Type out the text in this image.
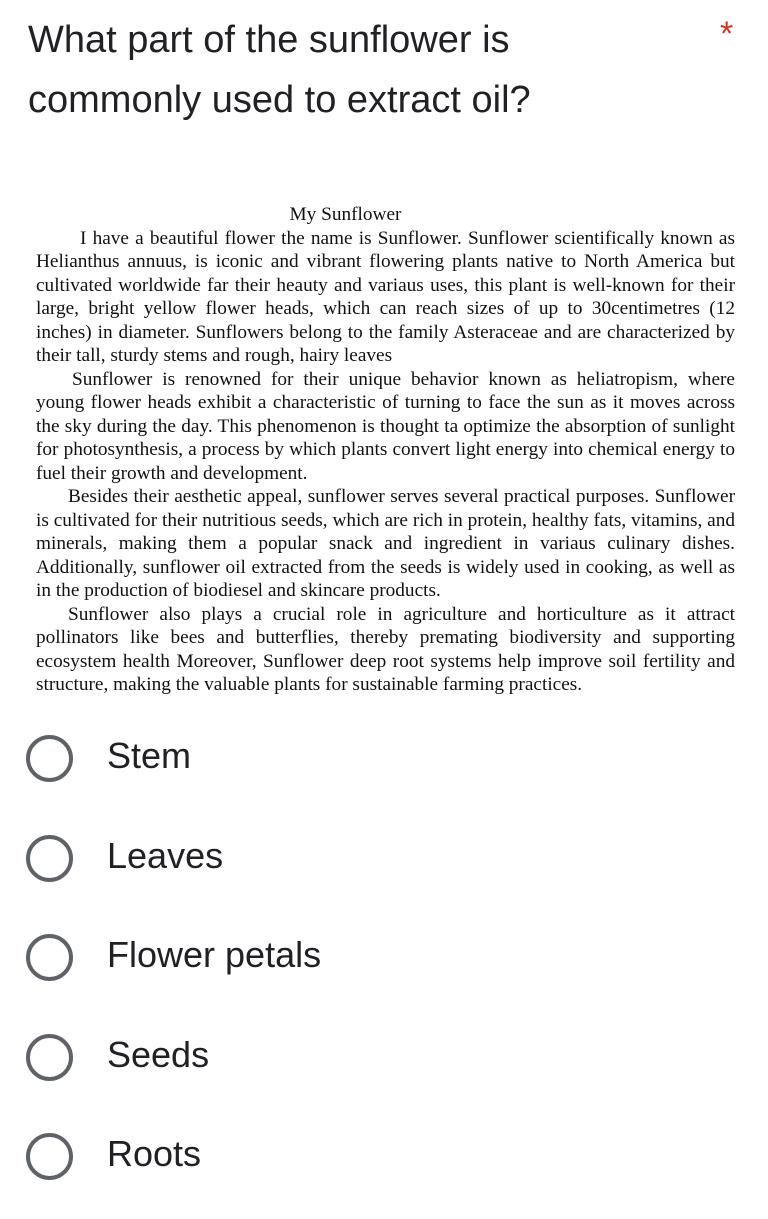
What part of the sunflower is commonly used to extract oil?
*
My Sunflower

I have a beautiful flower the name is Sunflower. Sunflower scientifically known as Helianthus annuus, is iconic and vibrant flowering plants native to North America but cultivated worldwide far their heauty and variaus uses, this plant is well-known for their large, bright yellow flower heads, which can reach sizes of up to 30centimetres (12 inches) in diameter. Sunflowers belong to the family Asteraceae and are characterized by their tall, sturdy stems and rough, hairy leaves

Sunflower is renowned for their unique behavior known as heliatropism, where young flower heads exhibit a characteristic of turning to face the sun as it moves across the sky during the day. This phenomenon is thought ta optimize the absorption of sunlight for photosynthesis, a process by which plants convert light energy into chemical energy to fuel their growth and development.

Besides their aesthetic appeal, sunflower serves several practical purposes. Sunflower is cultivated for their nutritious seeds, which are rich in protein, healthy fats, vitamins, and minerals, making them a popular snack and ingredient in variaus culinary dishes. Additionally, sunflower oil extracted from the seeds is widely used in cooking, as well as in the production of biodiesel and skincare products.

Sunflower also plays a crucial role in agriculture and horticulture as it attract pollinators like bees and butterflies, thereby premating biodiversity and supporting ecosystem health Moreover, Sunflower deep root systems help improve soil fertility and structure, making the valuable plants for sustainable farming practices.

Stem
Leaves
Flower petals
Seeds
Roots
